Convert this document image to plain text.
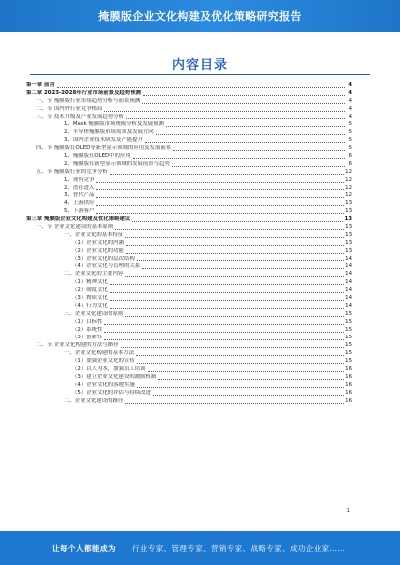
掩膜版企业文化构建及优化策略研究报告
内容目录
第一章 前言	4
第二章 2023-2028年行业市场前景及趋势预测	4
一、节 掩膜版行业市场趋势分析与前景预测	4
二、节 国内外行业竞争格局	4
三、节 技术升级及产业发展趋势分析	4
1、Mask 掩膜版市场规模分析及发展预测	5
2、半导体掩膜版市场需求及发展方向	5
3、国内企业技术研发及产能提升	5
四、节 掩膜版在OLED等新型显示领域的应用及发展前景	5
1、掩膜版在OLED中的应用	6
2、掩膜版在新型显示领域的发展前景与趋势	6
五、节 掩膜版行业的竞争分析	12
1、现有竞争	12
2、潜在进入	12
3、替代产品	12
4、上游供应	13
5、下游客户	13
第三章 掩膜版企业文化构建及优化策略建议	13
一、节 企业文化建设的基本原则	13
一、企业文化的基本特征	13
（1）企业文化的内涵	13
（2）企业文化的功能	13
（3）企业文化的层次结构	14
（4）企业文化与管理的关系	14
二、企业文化的主要内容	14
（1）精神文化	14
（2）制度文化	14
（3）物质文化	14
（4）行为文化	14
三、企业文化建设的原则	15
（1）目标性	15
（2）系统性	15
（3）创新性	15
二、节 企业文化构建的方法与路径	15
一、企业文化构建的基本方法	15
（1）加强企业文化的宣传	15
（2）以人为本，加强员工培训	16
（3）建立企业文化建设的激励机制	16
（4）企业文化的落地实施	16
（5）企业文化的评估与持续改进	16
二、企业文化建设的路径	16
1
让每个人都能成为 行业专家、管理专家、营销专家、战略专家、成功企业家……
